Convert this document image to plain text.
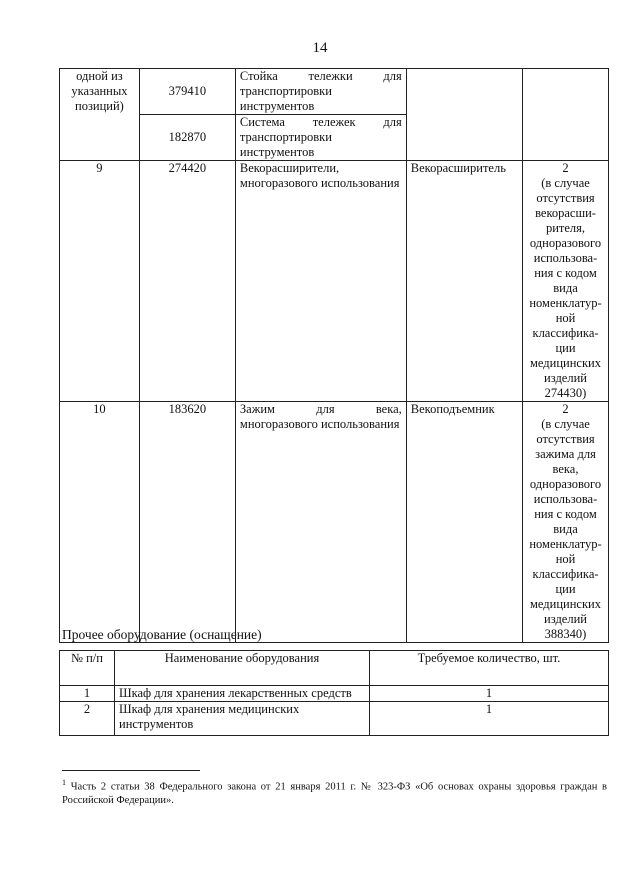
14
одной из указанных позиций)	379410	Стойка тележки для транспортировки инструментов		
	182870	Система тележек для транспортировки инструментов		
9	274420	Векорасширители, многоразового использования	Векорасширитель	2
(в случае отсутствия векорасши-рителя, одноразового использова-ния с кодом вида номенклатур-ной классифика-ции медицинских изделий 274430)

10	183620	Зажим для века, многоразового использования	Векоподъемник	2
(в случае отсутствия зажима для века, одноразового использова-ния с кодом вида номенклатур-ной классифика-ции медицинских изделий 388340)
Прочее оборудование (оснащение)
№ п/п	Наименование оборудования	Требуемое количество, шт.
1	Шкаф для хранения лекарственных средств	1
2	Шкаф для хранения медицинских инструментов	1
$^1$ Часть 2 статьи 38 Федерального закона от 21 января 2011 г. № 323-ФЗ «Об основах охраны здоровья граждан в Российской Федерации».
